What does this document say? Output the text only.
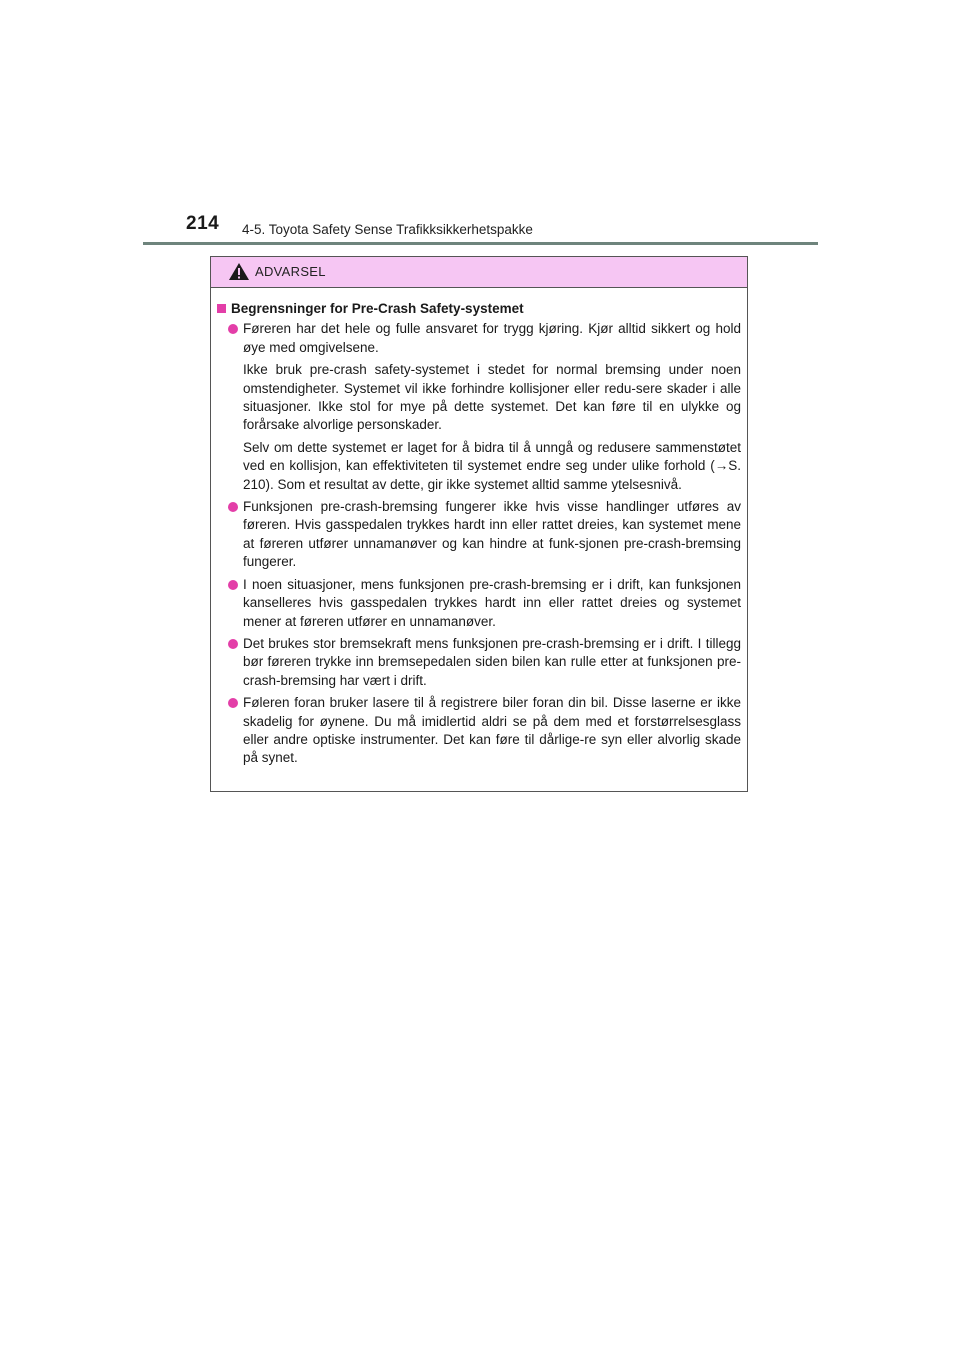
214 4-5. Toyota Safety Sense Trafikksikkerhetspakke
ADVARSEL
Begrensninger for Pre-Crash Safety-systemet
Føreren har det hele og fulle ansvaret for trygg kjøring. Kjør alltid sikkert og hold øye med omgivelsene.
Ikke bruk pre-crash safety-systemet i stedet for normal bremsing under noen omstendigheter. Systemet vil ikke forhindre kollisjoner eller redu-sere skader i alle situasjoner. Ikke stol for mye på dette systemet. Det kan føre til en ulykke og forårsake alvorlige personskader.
Selv om dette systemet er laget for å bidra til å unngå og redusere sammenstøtet ved en kollisjon, kan effektiviteten til systemet endre seg under ulike forhold (→S. 210). Som et resultat av dette, gir ikke systemet alltid samme ytelsesnivå.
Funksjonen pre-crash-bremsing fungerer ikke hvis visse handlinger utføres av føreren. Hvis gasspedalen trykkes hardt inn eller rattet dreies, kan systemet mene at føreren utfører unnamanøver og kan hindre at funk-sjonen pre-crash-bremsing fungerer.
I noen situasjoner, mens funksjonen pre-crash-bremsing er i drift, kan funksjonen kanselleres hvis gasspedalen trykkes hardt inn eller rattet dreies og systemet mener at føreren utfører en unnamanøver.
Det brukes stor bremsekraft mens funksjonen pre-crash-bremsing er i drift. I tillegg bør føreren trykke inn bremsepedalen siden bilen kan rulle etter at funksjonen pre-crash-bremsing har vært i drift.
Føleren foran bruker lasere til å registrere biler foran din bil. Disse laserne er ikke skadelig for øynene. Du må imidlertid aldri se på dem med et forstørrelsesglass eller andre optiske instrumenter. Det kan føre til dårlige-re syn eller alvorlig skade på synet.
